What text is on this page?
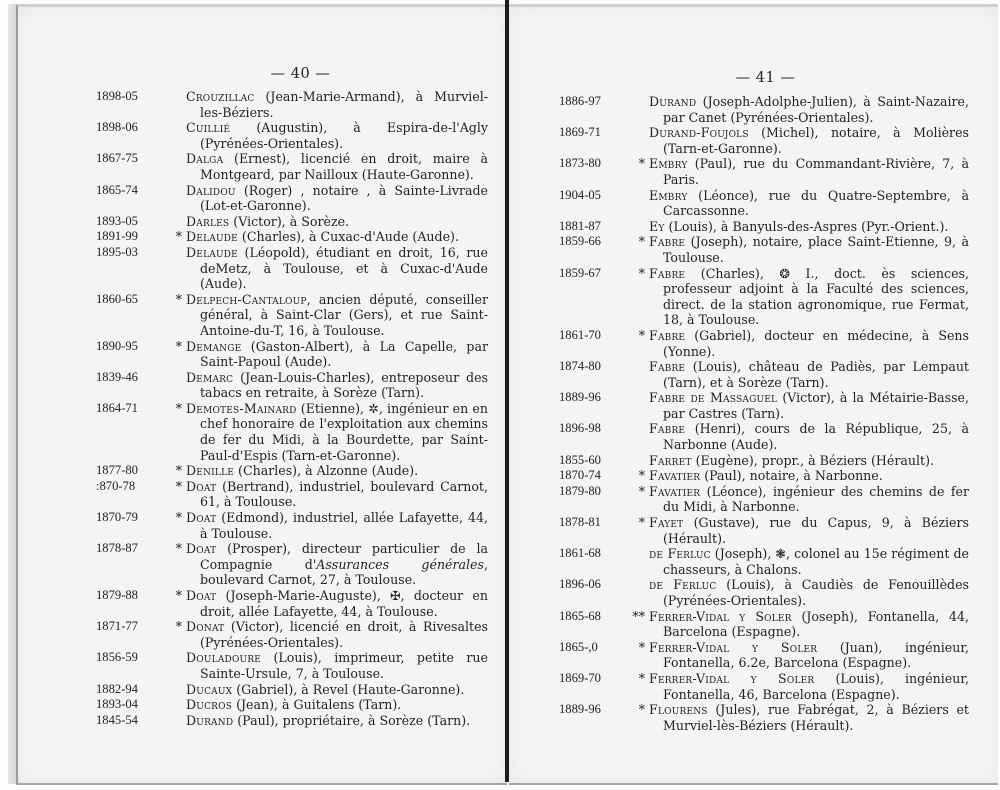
— 40 —
1898-05	Crouzillac (Jean-Marie-Armand), à Murviel-les-Béziers.
1898-06	Cuillié (Augustin), à Espira-de-l'Agly (Pyrénées-Orientales).
1867-75	Dalga (Ernest), licencié en droit, maire à Montgeard, par Nailloux (Haute-Garonne).
1865-74	Dalidou (Roger) , notaire , à Sainte-Livrade (Lot-et-Garonne).
1893-05	Darles (Victor), à Sorèze.
1891-99	* Delaude (Charles), à Cuxac-d'Aude (Aude).
1895-03	Delaude (Léopold), étudiant en droit, 16, rue deMetz, à Toulouse, et à Cuxac-d'Aude (Aude).
1860-65	* Delpech-Cantaloup, ancien député, conseiller général, à Saint-Clar (Gers), et rue Saint-Antoine-du-T, 16, à Toulouse.
1890-95	* Demange (Gaston-Albert), à La Capelle, par Saint-Papoul (Aude).
1839-46	Demarc (Jean-Louis-Charles), entreposeur des tabacs en retraite, à Sorèze (Tarn).
1864-71	* Demotes-Mainard (Etienne), ✲, ingénieur en en chef honoraire de l'exploitation aux chemins de fer du Midi, à la Bourdette, par Saint-Paul-d'Espis (Tarn-et-Garonne).
1877-80	* Denille (Charles), à Alzonne (Aude).
:870-78	* Doat (Bertrand), industriel, boulevard Carnot, 61, à Toulouse.
1870-79	* Doat (Edmond), industriel, allée Lafayette, 44, à Toulouse.
1878-87	* Doat (Prosper), directeur particulier de la Compagnie d'Assurances générales, boulevard Carnot, 27, à Toulouse.
1879-88	* Doat (Joseph-Marie-Auguste), ✠, docteur en droit, allée Lafayette, 44, à Toulouse.
1871-77	* Donat (Victor), licencié en droit, à Rivesaltes (Pyrénées-Orientales).
1856-59	Douladoure (Louis), imprimeur, petite rue Sainte-Ursule, 7, à Toulouse.
1882-94	Ducaux (Gabriel), à Revel (Haute-Garonne).
1893-04	Ducros (Jean), à Guitalens (Tarn).
1845-54	Durand (Paul), propriétaire, à Sorèze (Tarn).
— 41 —
1886-97	Durand (Joseph-Adolphe-Julien), à Saint-Nazaire, par Canet (Pyrénées-Orientales).
1869-71	Durand-Foujols (Michel), notaire, à Molières (Tarn-et-Garonne).
1873-80	* Embry (Paul), rue du Commandant-Rivière, 7, à Paris.
1904-05	Embry (Léonce), rue du Quatre-Septembre, à Carcassonne.
1881-87	Ey (Louis), à Banyuls-des-Aspres (Pyr.-Orient.).
1859-66	* Fabre (Joseph), notaire, place Saint-Etienne, 9, à Toulouse.
1859-67	* Fabre (Charles), ❂ I., doct. ès sciences, professeur adjoint à la Faculté des sciences, direct. de la station agronomique, rue Fermat, 18, à Toulouse.
1861-70	* Fabre (Gabriel), docteur en médecine, à Sens (Yonne).
1874-80	Fabre (Louis), château de Padiès, par Lempaut (Tarn), et à Sorèze (Tarn).
1889-96	Fabre de Massaguel (Victor), à la Métairie-Basse, par Castres (Tarn).
1896-98	Fabre (Henri), cours de la République, 25, à Narbonne (Aude).
1855-60	Farret (Eugène), propr., à Béziers (Hérault).
1870-74	* Favatier (Paul), notaire, à Narbonne.
1879-80	* Favatier (Léonce), ingénieur des chemins de fer du Midi, à Narbonne.
1878-81	* Fayet (Gustave), rue du Capus, 9, à Béziers (Hérault).
1861-68	de Ferluc (Joseph), ❃, colonel au 15e régiment de chasseurs, à Chalons.
1896-06	de Ferluc (Louis), à Caudiès de Fenouillèdes (Pyrénées-Orientales).
1865-68	** Ferrer-Vidal y Soler (Joseph), Fontanella, 44, Barcelona (Espagne).
1865-,0	* Ferrer-Vidal y Soler (Juan), ingénieur, Fontanella, 6.2e, Barcelona (Espagne).
1869-70	* Ferrer-Vidal y Soler (Louis), ingénieur, Fontanella, 46, Barcelona (Espagne).
1889-96	* Flourens (Jules), rue Fabrégat, 2, à Béziers et Murviel-lès-Béziers (Hérault).
